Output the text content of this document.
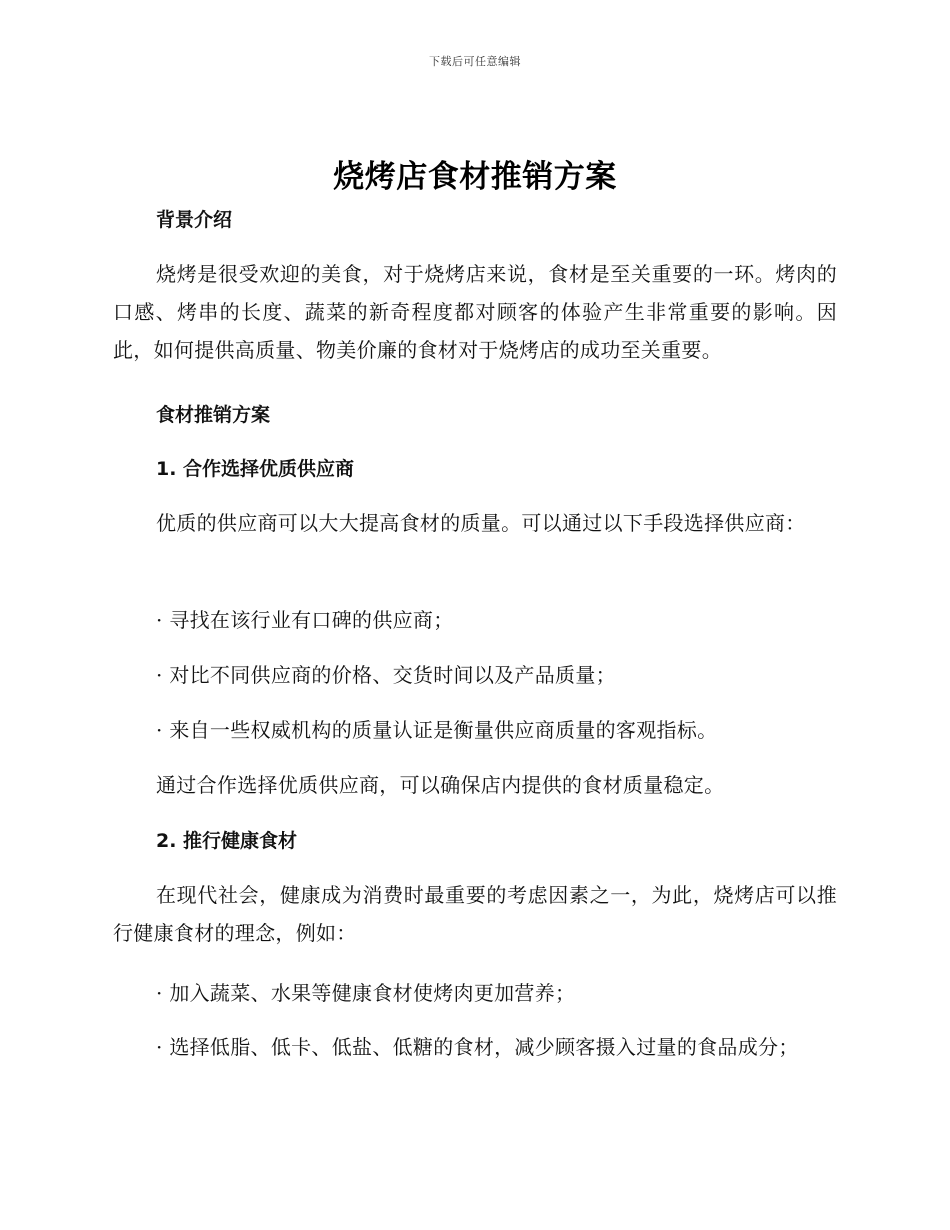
下载后可任意编辑
烧烤店食材推销方案

背景介绍

烧烤是很受欢迎的美食，对于烧烤店来说，食材是至关重要的一环。烤肉的口感、烤串的长度、蔬菜的新奇程度都对顾客的体验产生非常重要的影响。因此，如何提供高质量、物美价廉的食材对于烧烤店的成功至关重要。

食材推销方案

1. 合作选择优质供应商

优质的供应商可以大大提高食材的质量。可以通过以下手段选择供应商：

· 寻找在该行业有口碑的供应商；

· 对比不同供应商的价格、交货时间以及产品质量；

· 来自一些权威机构的质量认证是衡量供应商质量的客观指标。

通过合作选择优质供应商，可以确保店内提供的食材质量稳定。

2. 推行健康食材

在现代社会，健康成为消费时最重要的考虑因素之一，为此，烧烤店可以推行健康食材的理念，例如：

· 加入蔬菜、水果等健康食材使烤肉更加营养；

· 选择低脂、低卡、低盐、低糖的食材，减少顾客摄入过量的食品成分；
